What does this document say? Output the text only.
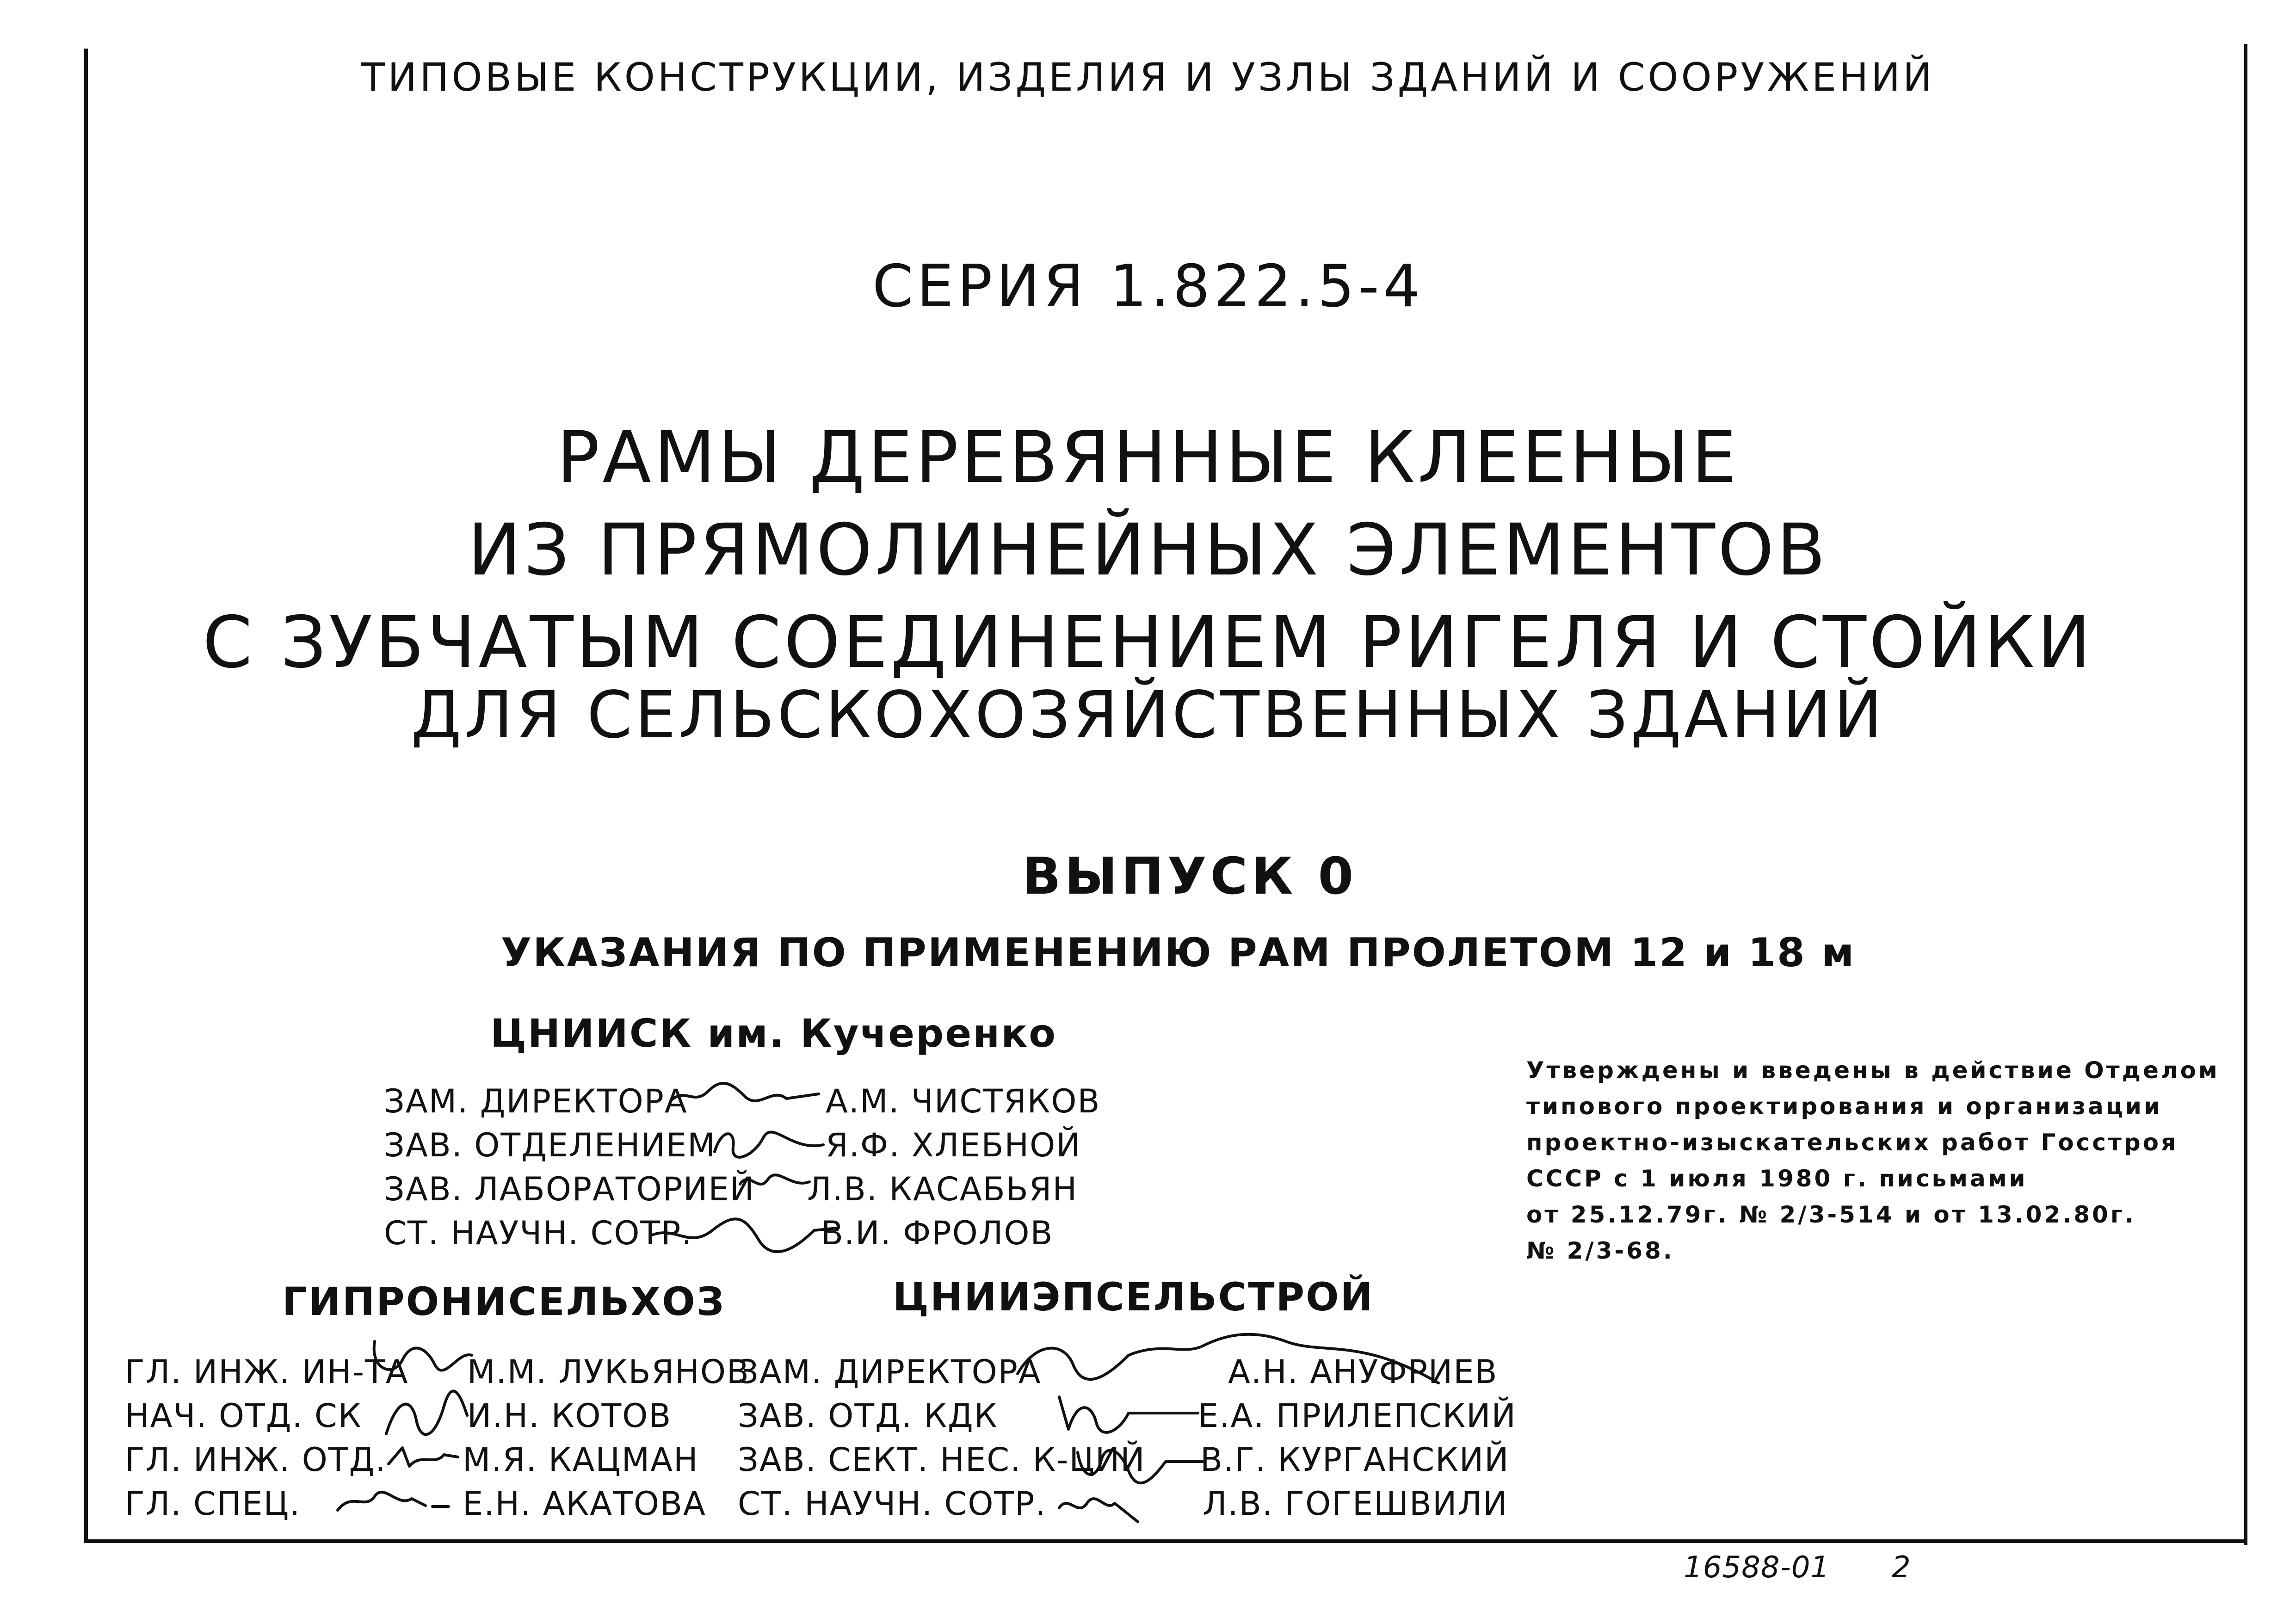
ТИПОВЫЕ КОНСТРУКЦИИ, ИЗДЕЛИЯ И УЗЛЫ ЗДАНИЙ И СООРУЖЕНИЙ
СЕРИЯ 1.822.5-4
РАМЫ ДЕРЕВЯННЫЕ КЛЕЕНЫЕ
ИЗ ПРЯМОЛИНЕЙНЫХ ЭЛЕМЕНТОВ
С ЗУБЧАТЫМ СОЕДИНЕНИЕМ РИГЕЛЯ И СТОЙКИ
ДЛЯ СЕЛЬСКОХОЗЯЙСТВЕННЫХ ЗДАНИЙ
ВЫПУСК 0
УКАЗАНИЯ ПО ПРИМЕНЕНИЮ РАМ ПРОЛЕТОМ 12 и 18 м
ЦНИИСК им. Кучеренко
ЗАМ. ДИРЕКТОРА	А.М. ЧИСТЯКОВ
ЗАВ. ОТДЕЛЕНИЕМ	Я.Ф. ХЛЕБНОЙ
ЗАВ. ЛАБОРАТОРИЕЙ Л.В. КАСАБЬЯН
СТ. НАУЧН. СОТР.	В.И. ФРОЛОВ
ГИПРОНИСЕЛЬХОЗ
ГЛ. ИНЖ. ИН-ТА М.М. ЛУКЬЯНОВ
НАЧ. ОТД. СК	И.Н. КОТОВ
ГЛ. ИНЖ. ОТД. М.Я. КАЦМАН
ГЛ. СПЕЦ.	Е.Н. АКАТОВА
ЦНИИЭПСЕЛЬСТРОЙ
ЗАМ. ДИРЕКТОРА	А.Н. АНУФРИЕВ
ЗАВ. ОТД. КДК	Е.А. ПРИЛЕПСКИЙ
ЗАВ. СЕКТ. НЕС. К-ЦИЙ В.Г. КУРГАНСКИЙ
СТ. НАУЧН. СОТР.	Л.В. ГОГЕШВИЛИ
Утверждены и введены в действие Отделом
типового проектирования и организации
проектно-изыскательских работ Госстроя
СССР с 1 июля 1980 г. письмами
от 25.12.79г. № 2/3-514 и от 13.02.80г.
№ 2/3-68.
16588-01 2
